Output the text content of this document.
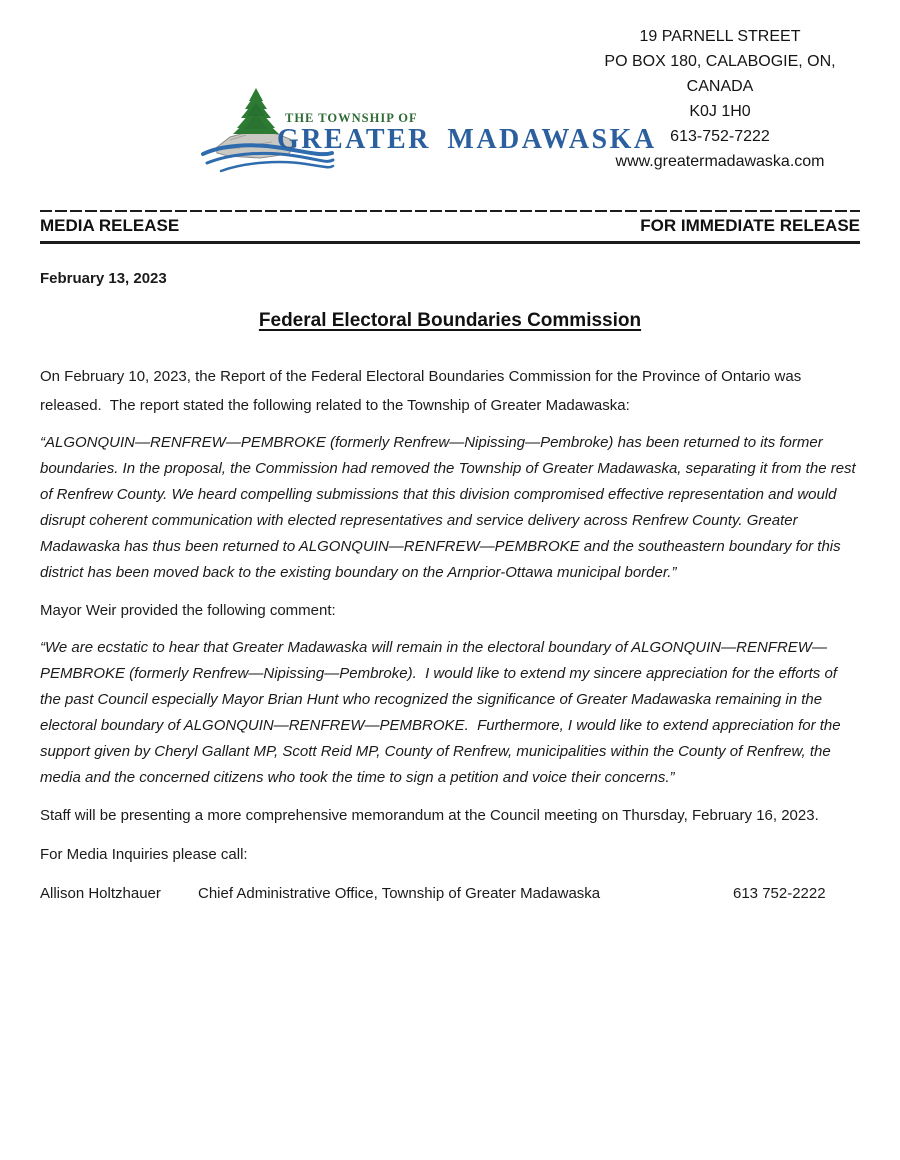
THE TOWNSHIP OF
GREATER MADAWASKA
19 PARNELL STREET
PO BOX 180, CALABOGIE, ON,
CANADA
K0J 1H0
613-752-7222
www.greatermadawaska.com
MEDIA RELEASE	FOR IMMEDIATE RELEASE

February 13, 2023

Federal Electoral Boundaries Commission

On February 10, 2023, the Report of the Federal Electoral Boundaries Commission for the Province of Ontario was released.  The report stated the following related to the Township of Greater Madawaska:

“ALGONQUIN—RENFREW—PEMBROKE (formerly Renfrew—Nipissing—Pembroke) has been returned to its former boundaries. In the proposal, the Commission had removed the Township of Greater Madawaska, separating it from the rest of Renfrew County. We heard compelling submissions that this division compromised effective representation and would disrupt coherent communication with elected representatives and service delivery across Renfrew County. Greater Madawaska has thus been returned to ALGONQUIN—RENFREW—PEMBROKE and the southeastern boundary for this district has been moved back to the existing boundary on the Arnprior-Ottawa municipal border.”

Mayor Weir provided the following comment:

“We are ecstatic to hear that Greater Madawaska will remain in the electoral boundary of ALGONQUIN—RENFREW—PEMBROKE (formerly Renfrew—Nipissing—Pembroke).  I would like to extend my sincere appreciation for the efforts of the past Council especially Mayor Brian Hunt who recognized the significance of Greater Madawaska remaining in the electoral boundary of ALGONQUIN—RENFREW—PEMBROKE.  Furthermore, I would like to extend appreciation for the support given by Cheryl Gallant MP, Scott Reid MP, County of Renfrew, municipalities within the County of Renfrew, the media and the concerned citizens who took the time to sign a petition and voice their concerns.”

Staff will be presenting a more comprehensive memorandum at the Council meeting on Thursday, February 16, 2023.

For Media Inquiries please call:

Allison Holtzhauer	Chief Administrative Office, Township of Greater Madawaska	613 752-2222
